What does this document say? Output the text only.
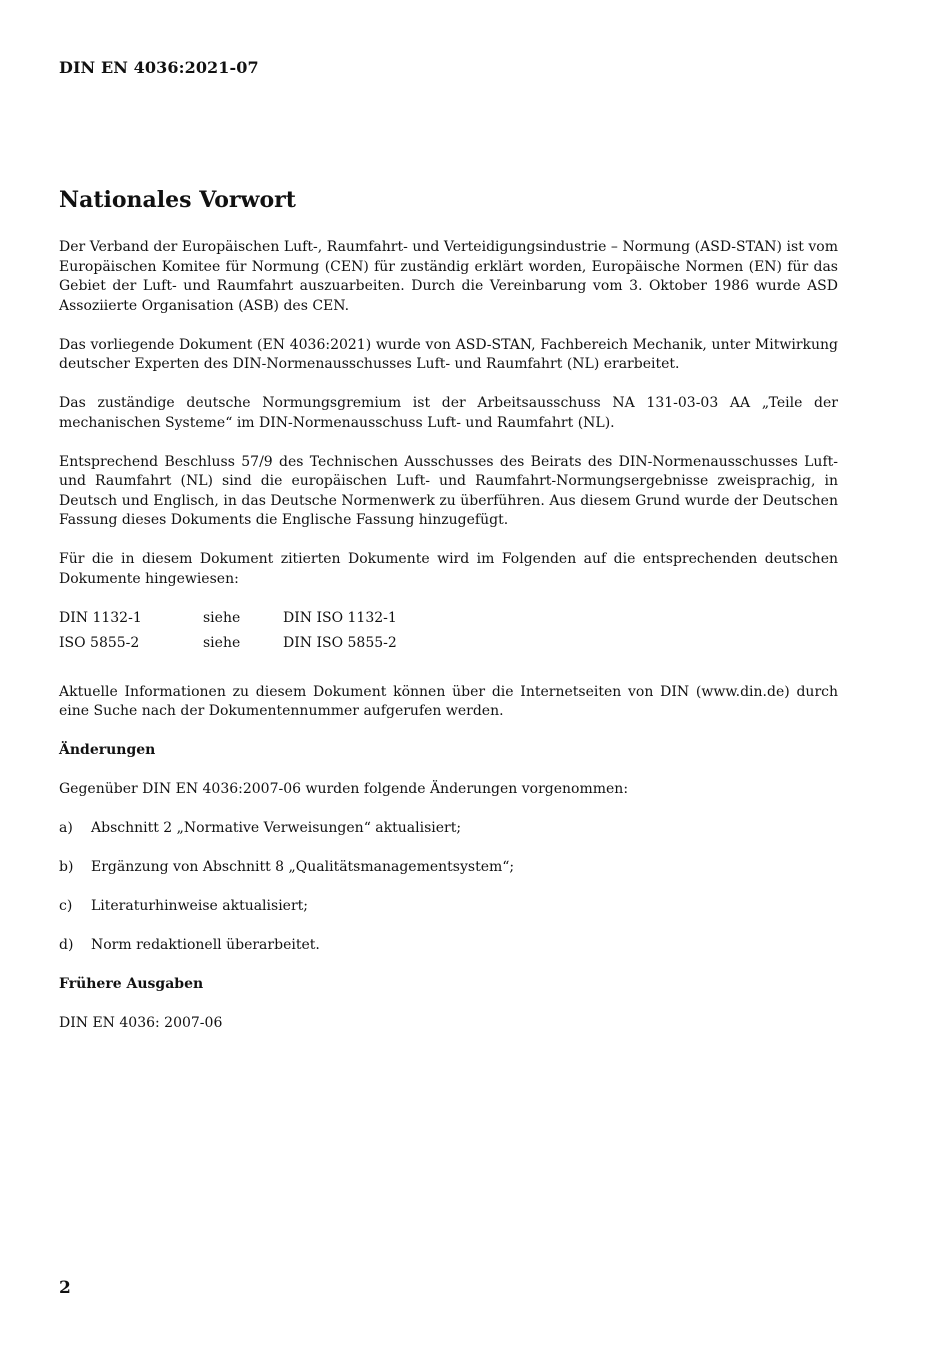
DIN EN 4036:2021-07
Nationales Vorwort

Der Verband der Europäischen Luft-, Raumfahrt- und Verteidigungsindustrie – Normung (ASD-STAN) ist vom Europäischen Komitee für Normung (CEN) für zuständig erklärt worden, Europäische Normen (EN) für das Gebiet der Luft- und Raumfahrt auszuarbeiten. Durch die Vereinbarung vom 3. Oktober 1986 wurde ASD Assoziierte Organisation (ASB) des CEN.

Das vorliegende Dokument (EN 4036:2021) wurde von ASD-STAN, Fachbereich Mechanik, unter Mitwirkung deutscher Experten des DIN-Normenausschusses Luft- und Raumfahrt (NL) erarbeitet.

Das zuständige deutsche Normungsgremium ist der Arbeitsausschuss NA 131-03-03 AA „Teile der mechanischen Systeme“ im DIN-Normenausschuss Luft- und Raumfahrt (NL).

Entsprechend Beschluss 57/9 des Technischen Ausschusses des Beirats des DIN-Normenausschusses Luft- und Raumfahrt (NL) sind die europäischen Luft- und Raumfahrt-Normungsergebnisse zweisprachig, in Deutsch und Englisch, in das Deutsche Normenwerk zu überführen. Aus diesem Grund wurde der Deutschen Fassung dieses Dokuments die Englische Fassung hinzugefügt.

Für die in diesem Dokument zitierten Dokumente wird im Folgenden auf die entsprechenden deutschen Dokumente hingewiesen:

DIN 1132-1	siehe	DIN ISO 1132-1
ISO 5855-2	siehe	DIN ISO 5855-2

Aktuelle Informationen zu diesem Dokument können über die Internetseiten von DIN (www.din.de) durch eine Suche nach der Dokumentennummer aufgerufen werden.

Änderungen

Gegenüber DIN EN 4036:2007-06 wurden folgende Änderungen vorgenommen:

a)	Abschnitt 2 „Normative Verweisungen“ aktualisiert;
b)	Ergänzung von Abschnitt 8 „Qualitätsmanagementsystem“;
c)	Literaturhinweise aktualisiert;
d)	Norm redaktionell überarbeitet.
Frühere Ausgaben

DIN EN 4036: 2007-06

2
